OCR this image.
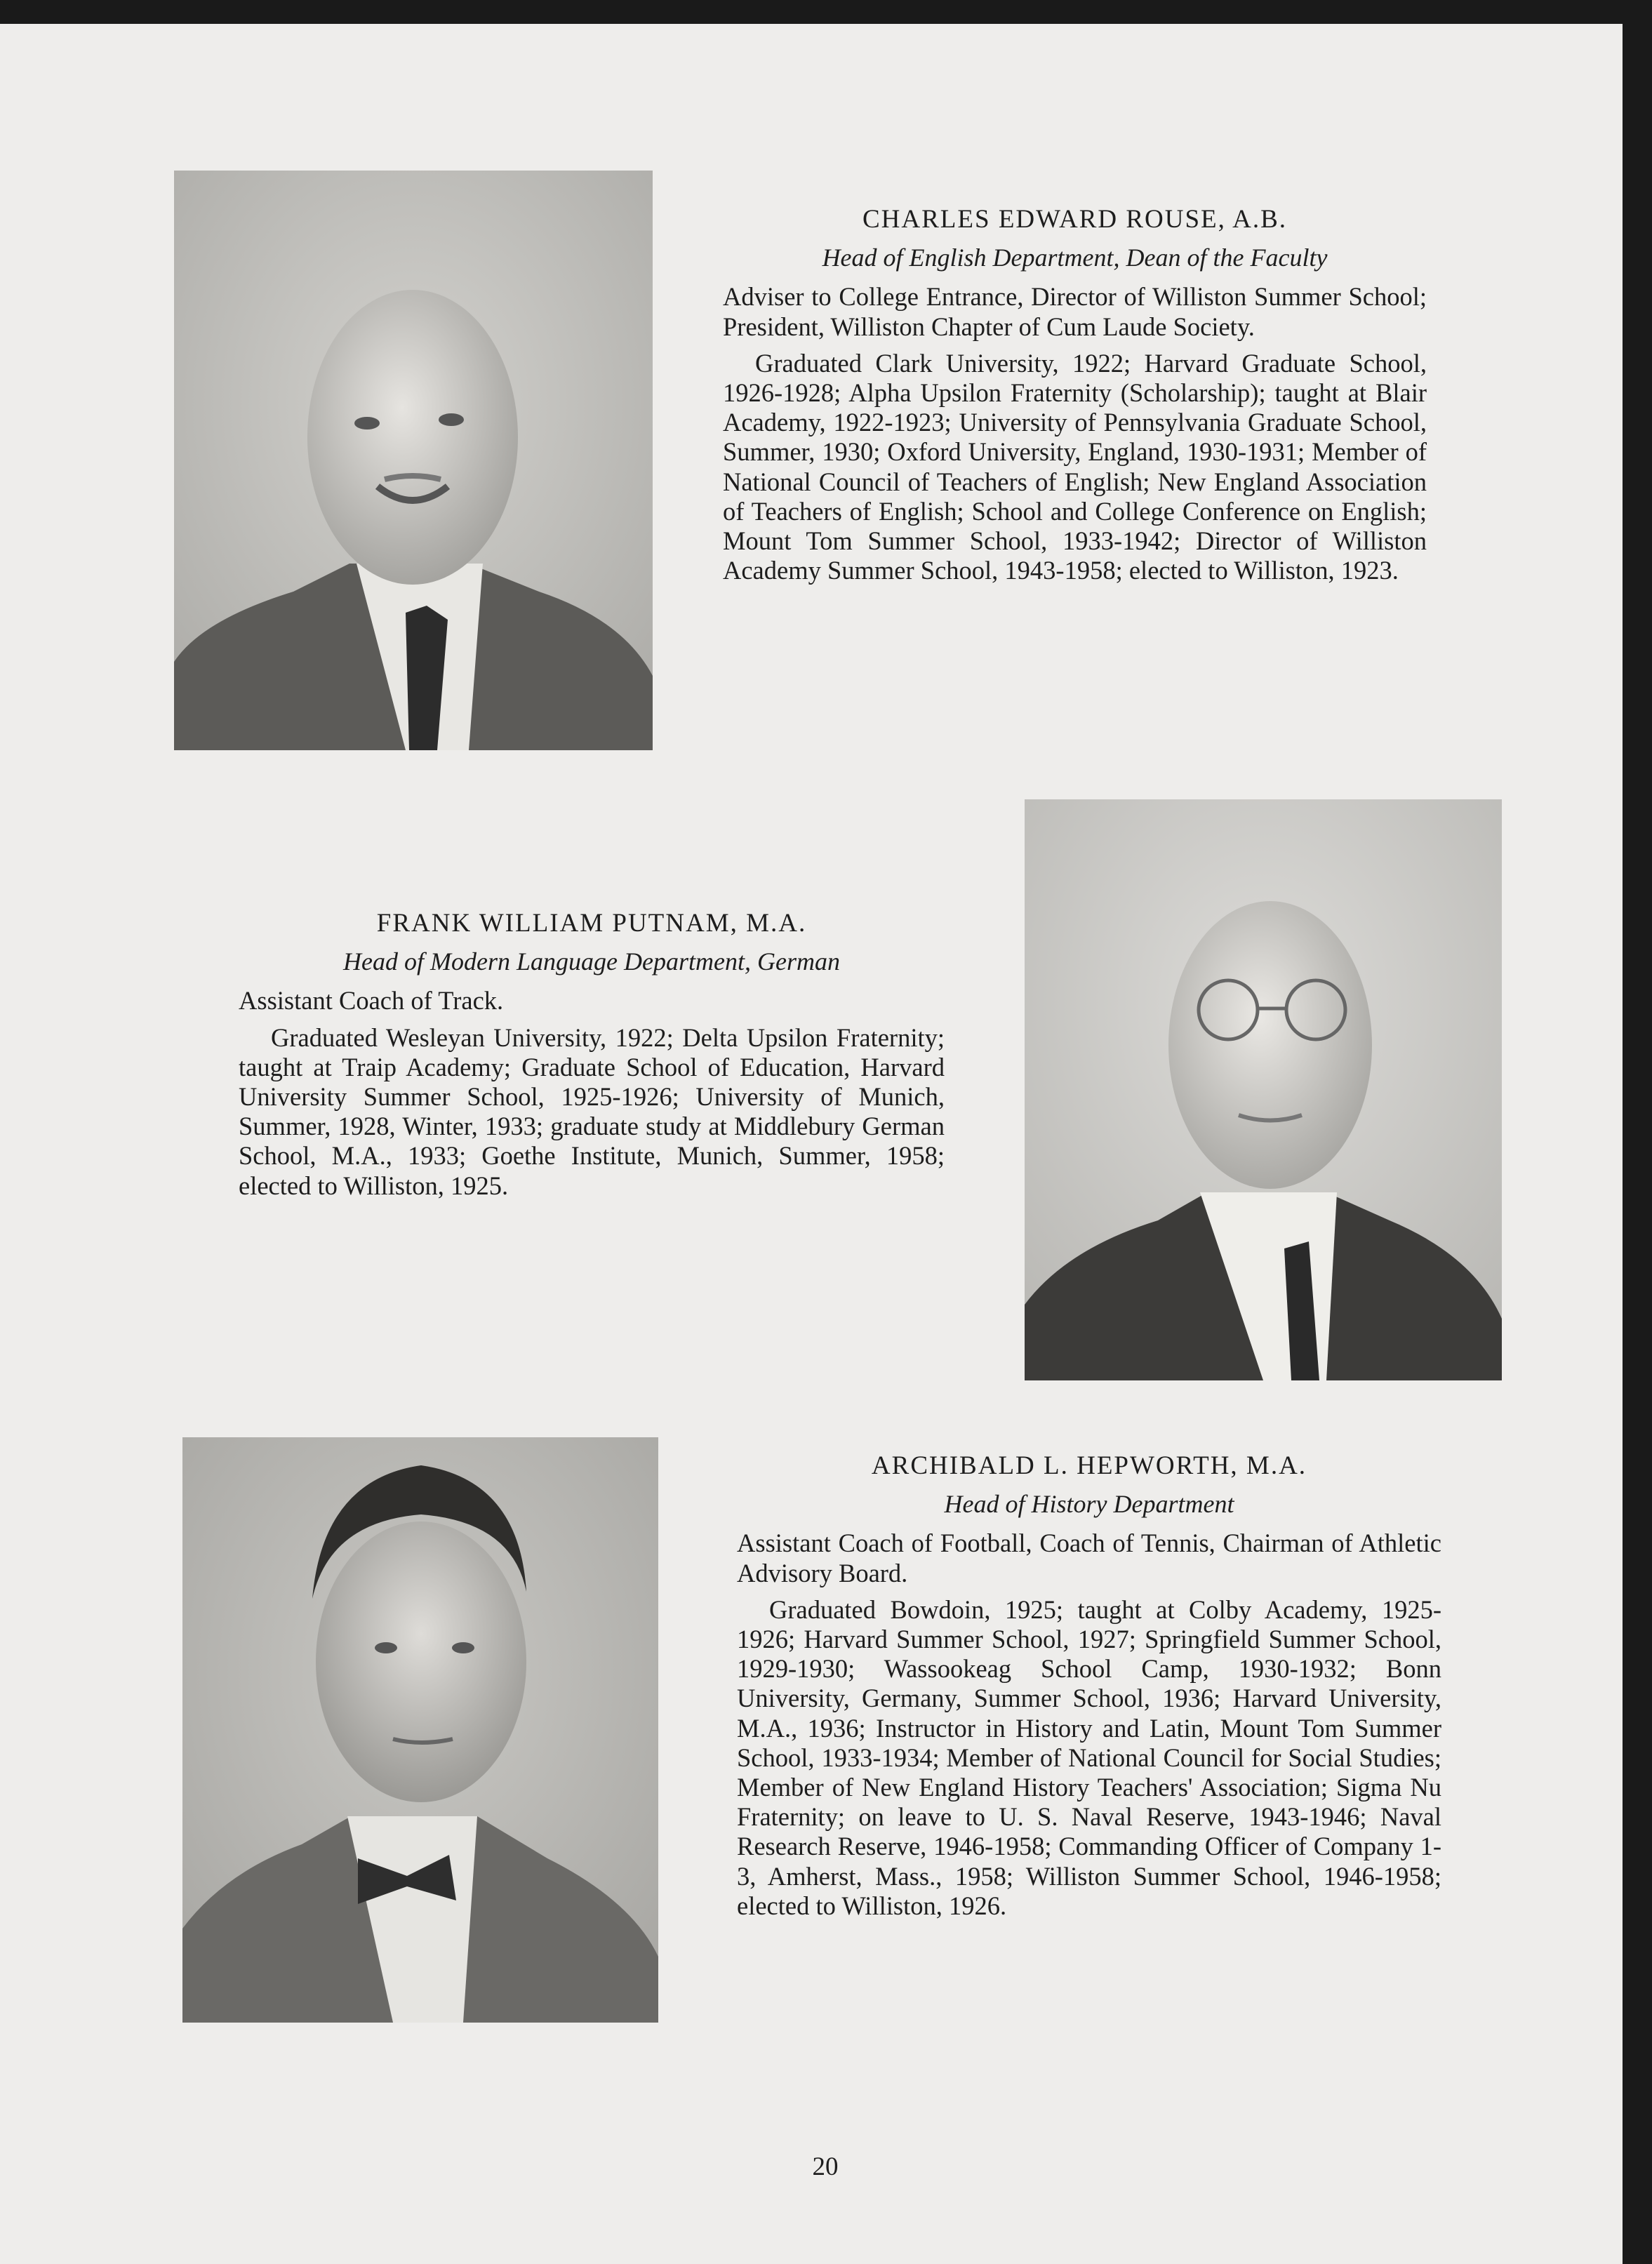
CHARLES EDWARD ROUSE, A.B.
Head of English Department, Dean of the Faculty

Adviser to College Entrance, Director of Williston Summer School; President, Williston Chapter of Cum Laude Society.

Graduated Clark University, 1922; Harvard Graduate School, 1926-1928; Alpha Upsilon Fraternity (Scholarship); taught at Blair Academy, 1922-1923; University of Pennsylvania Graduate School, Summer, 1930; Oxford University, England, 1930-1931; Member of National Council of Teachers of English; New England Association of Teachers of English; School and College Conference on English; Mount Tom Summer School, 1933-1942; Director of Williston Academy Summer School, 1943-1958; elected to Williston, 1923.

FRANK WILLIAM PUTNAM, M.A.
Head of Modern Language Department, German

Assistant Coach of Track.

Graduated Wesleyan University, 1922; Delta Upsilon Fraternity; taught at Traip Academy; Graduate School of Education, Harvard University Summer School, 1925-1926; University of Munich, Summer, 1928, Winter, 1933; graduate study at Middlebury German School, M.A., 1933; Goethe Institute, Munich, Summer, 1958; elected to Williston, 1925.

ARCHIBALD L. HEPWORTH, M.A.
Head of History Department

Assistant Coach of Football, Coach of Tennis, Chairman of Athletic Advisory Board.

Graduated Bowdoin, 1925; taught at Colby Academy, 1925-1926; Harvard Summer School, 1927; Springfield Summer School, 1929-1930; Wassookeag School Camp, 1930-1932; Bonn University, Germany, Summer School, 1936; Harvard University, M.A., 1936; Instructor in History and Latin, Mount Tom Summer School, 1933-1934; Member of National Council for Social Studies; Member of New England History Teachers' Association; Sigma Nu Fraternity; on leave to U. S. Naval Reserve, 1943-1946; Naval Research Reserve, 1946-1958; Commanding Officer of Company 1-3, Amherst, Mass., 1958; Williston Summer School, 1946-1958; elected to Williston, 1926.

20
